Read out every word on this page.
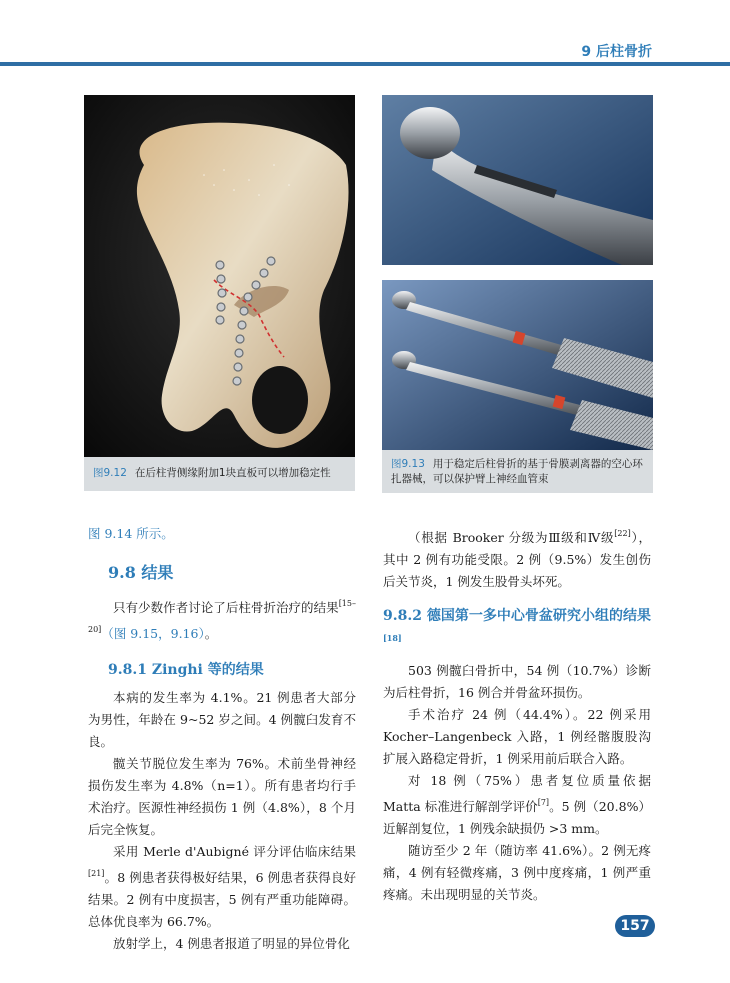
9 后柱骨折
图9.12 在后柱背侧缘附加1块直板可以增加稳定性
图9.13 用于稳定后柱骨折的基于骨膜剥离器的空心环扎器械，可以保护臂上神经血管束

图 9.14 所示。

9.8 结果

只有少数作者讨论了后柱骨折治疗的结果[15–20]（图 9.15，9.16）。

9.8.1 Zinghi 等的结果

本病的发生率为 4.1%。21 例患者大部分为男性，年龄在 9~52 岁之间。4 例髋臼发育不良。

髋关节脱位发生率为 76%。术前坐骨神经损伤发生率为 4.8%（n=1）。所有患者均行手术治疗。医源性神经损伤 1 例（4.8%），8 个月后完全恢复。

采用 Merle d'Aubigné 评分评估临床结果[21]。8 例患者获得极好结果，6 例患者获得良好结果。2 例有中度损害，5 例有严重功能障碍。总体优良率为 66.7%。

放射学上，4 例患者报道了明显的异位骨化

（根据 Brooker 分级为Ⅲ级和Ⅳ级[22]），其中 2 例有功能受限。2 例（9.5%）发生创伤后关节炎，1 例发生股骨头坏死。

9.8.2 德国第一多中心骨盆研究小组的结果[18]

503 例髋臼骨折中，54 例（10.7%）诊断为后柱骨折，16 例合并骨盆环损伤。

手术治疗 24 例（44.4%）。22 例采用 Kocher–Langenbeck 入路，1 例经髂腹股沟扩展入路稳定骨折，1 例采用前后联合入路。

对 18 例（75%）患者复位质量依据 Matta 标准进行解剖学评价[7]。5 例（20.8%）近解剖复位，1 例残余缺损仍 >3 mm。

随访至少 2 年（随访率 41.6%）。2 例无疼痛，4 例有轻微疼痛，3 例中度疼痛，1 例严重疼痛。未出现明显的关节炎。

157
